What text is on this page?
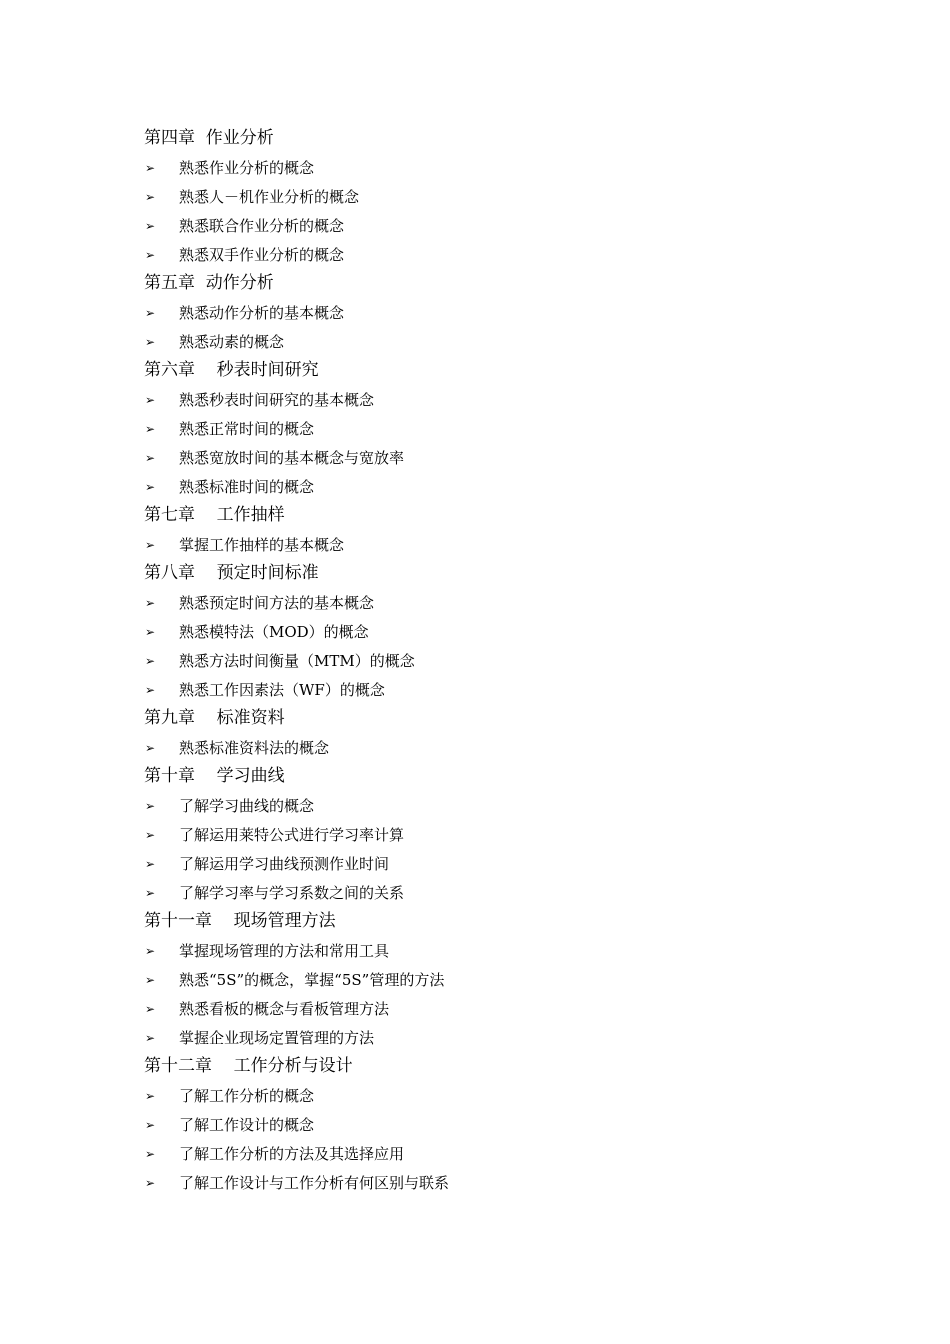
第四章  作业分析
➢	熟悉作业分析的概念
➢	熟悉人－机作业分析的概念
➢	熟悉联合作业分析的概念
➢	熟悉双手作业分析的概念
第五章  动作分析
➢	熟悉动作分析的基本概念
➢	熟悉动素的概念
第六章    秒表时间研究
➢	熟悉秒表时间研究的基本概念
➢	熟悉正常时间的概念
➢	熟悉宽放时间的基本概念与宽放率
➢	熟悉标准时间的概念
第七章    工作抽样
➢	掌握工作抽样的基本概念
第八章    预定时间标准
➢	熟悉预定时间方法的基本概念
➢	熟悉模特法（MOD）的概念
➢	熟悉方法时间衡量（MTM）的概念
➢	熟悉工作因素法（WF）的概念
第九章    标准资料
➢	熟悉标准资料法的概念
第十章    学习曲线
➢	了解学习曲线的概念
➢	了解运用莱特公式进行学习率计算
➢	了解运用学习曲线预测作业时间
➢	了解学习率与学习系数之间的关系
第十一章    现场管理方法
➢	掌握现场管理的方法和常用工具
➢	熟悉“5S”的概念，掌握“5S”管理的方法
➢	熟悉看板的概念与看板管理方法
➢	掌握企业现场定置管理的方法
第十二章    工作分析与设计
➢	了解工作分析的概念
➢	了解工作设计的概念
➢	了解工作分析的方法及其选择应用
➢	了解工作设计与工作分析有何区别与联系
